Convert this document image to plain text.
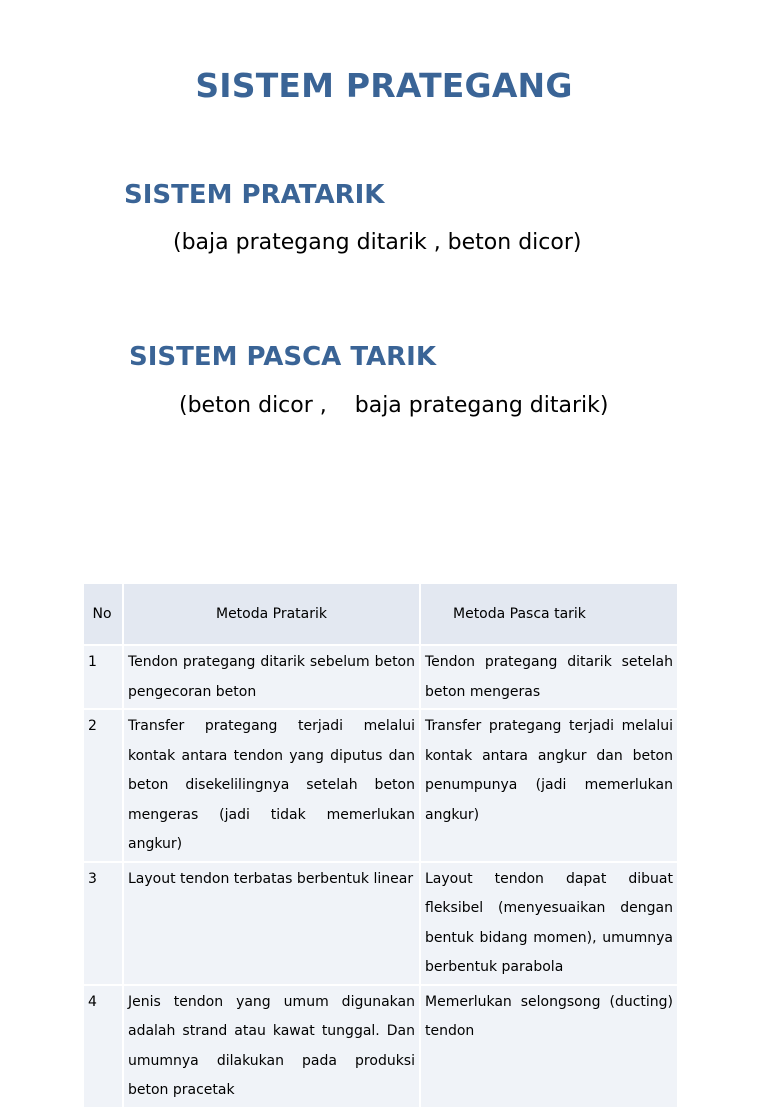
SISTEM PRATEGANG
SISTEM PRATARIK
(baja prategang ditarik , beton dicor)
SISTEM PASCA TARIK
(beton dicor ,    baja prategang ditarik)
No	Metoda Pratarik	Metoda Pasca tarik
1	Tendon prategang ditarik sebelum beton pengecoran beton	Tendon prategang ditarik setelah beton mengeras
2	Transfer prategang terjadi melalui kontak antara tendon yang diputus dan beton disekelilingnya setelah beton mengeras (jadi tidak memerlukan angkur)	Transfer prategang terjadi melalui kontak antara angkur dan beton penumpunya (jadi memerlukan angkur)
3	Layout tendon terbatas berbentuk linear	Layout tendon dapat dibuat fleksibel (menyesuaikan dengan bentuk bidang momen), umumnya berbentuk parabola
4	Jenis tendon yang umum digunakan adalah strand atau kawat tunggal. Dan umumnya dilakukan pada produksi beton pracetak	Memerlukan selongsong (ducting) tendon
